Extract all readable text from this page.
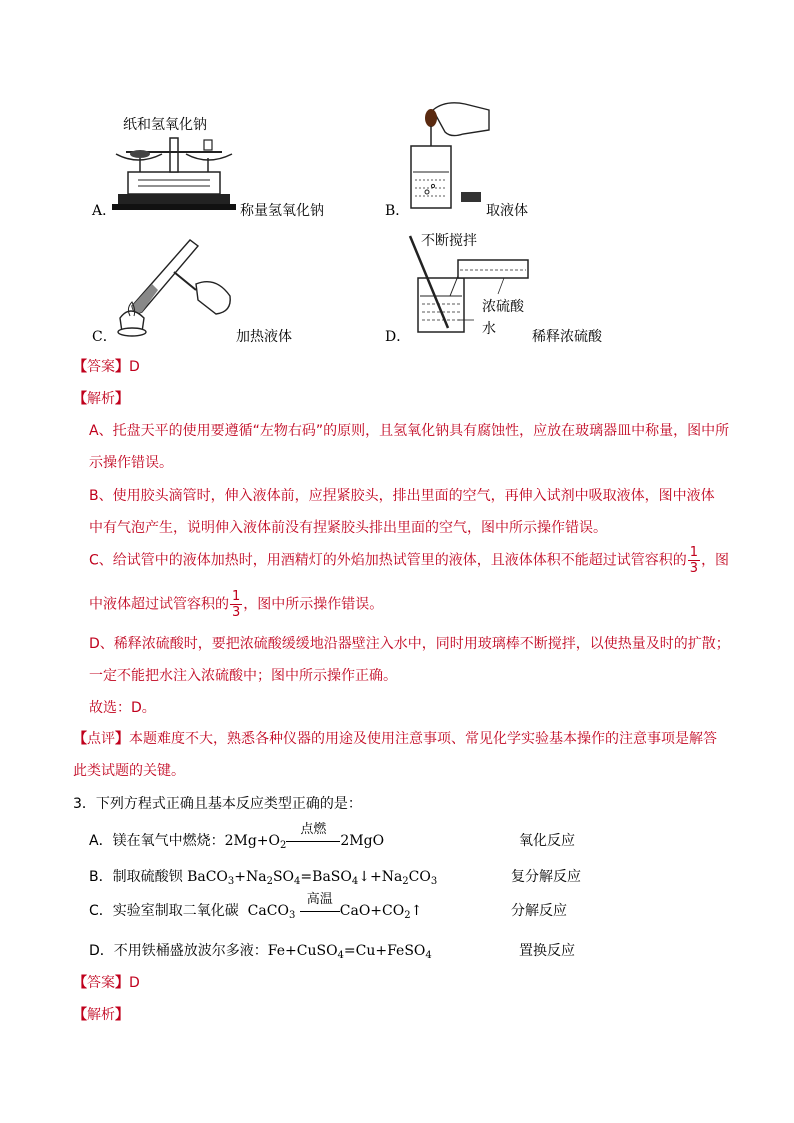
纸和氢氧化钠
A．	称量氢氧化钠	B．	取液体
C．	加热液体
不断搅拌
浓硫酸
水
D．	稀释浓硫酸
【答案】D
【解析】
A、托盘天平的使用要遵循“左物右码”的原则，且氢氧化钠具有腐蚀性，应放在玻璃器皿中称量，图中所
示操作错误。
B、使用胶头滴管时，伸入液体前，应捏紧胶头，排出里面的空气，再伸入试剂中吸取液体，图中液体
中有气泡产生，说明伸入液体前没有捏紧胶头排出里面的空气，图中所示操作错误。
C、给试管中的液体加热时，用酒精灯的外焰加热试管里的液体，且液体体积不能超过试管容积的 $\frac{1}{3}$ ，图
中液体超过试管容积的 $\frac{1}{3}$ ，图中所示操作错误。
D、稀释浓硫酸时，要把浓硫酸缓缓地沿器壁注入水中，同时用玻璃棒不断搅拌，以使热量及时的扩散；
一定不能把水注入浓硫酸中；图中所示操作正确。
故选：D。
【点评】本题难度不大，熟悉各种仪器的用途及使用注意事项、常见化学实验基本操作的注意事项是解答
此类试题的关键。
3．下列方程式正确且基本反应类型正确的是：
A．镁在氧气中燃烧：$2Mg+O_2$
点燃
2MgO	氧化反应
B．制取硫酸钡 $BaCO_3+Na_2SO_4=BaSO_4↓+Na_2CO_3$	复分解反应
C．实验室制取二氧化碳  CaCO$_3$
高温
$CaO+CO_2↑$	分解反应
D．不用铁桶盛放波尔多液：Fe+CuSO$_4$=Cu+FeSO$_4$	置换反应
【答案】D
【解析】
